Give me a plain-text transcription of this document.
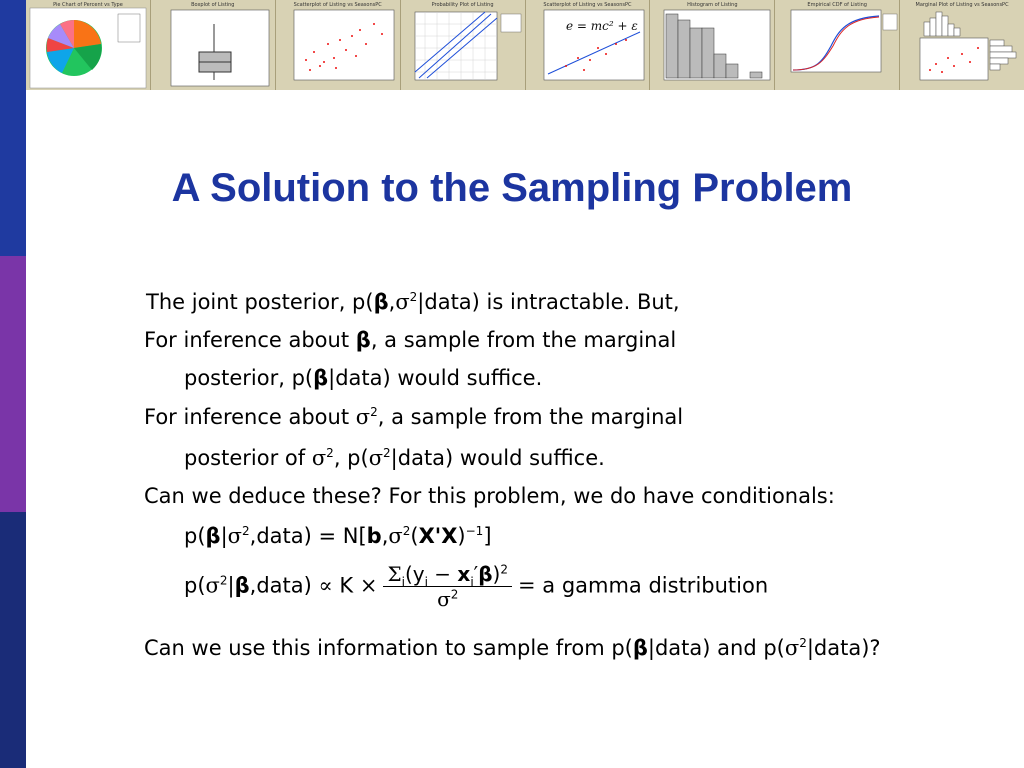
Pie Chart of Percent vs Type	Boxplot of Listing	Scatterplot of Listing vs SeasonsPC	Probability Plot of Listing	Scatterplot of Listing vs SeasonsPC
e = mc² + ε
Histogram of Listing	Empirical CDF of Listing	Marginal Plot of Listing vs SeasonsPC
A Solution to the Sampling Problem
The joint posterior, $p(\beta,\sigma^2|data)$ is intractable. But,
For inference about β, a sample from the marginal
posterior, p(β|data) would suffice.
For inference about $\sigma^2$, a sample from the marginal
posterior of $\sigma^2$, $p(\sigma^2|data)$ would suffice.
Can we deduce these? For this problem, we do have conditionals:
$p(\beta|\sigma^2,data) = N[b,\sigma^2(X'X)^{-1}]$
$p(\sigma^2|\beta,data) \propto K \times \frac{\Sigma_i(y_i - x_i'\beta)^2}{\sigma^2} = a$ gamma distribution
Can we use this information to sample from p(β|data) and $p(\sigma^2|data)$?
